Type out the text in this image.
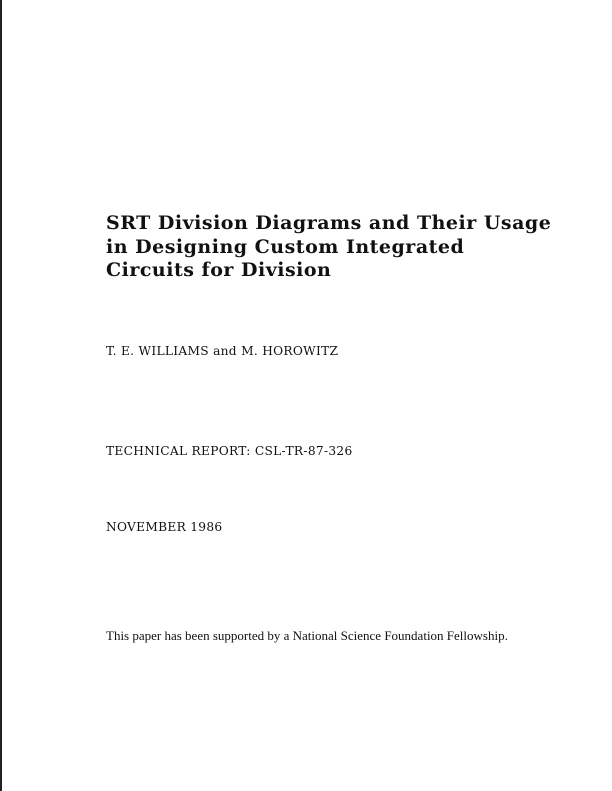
SRT Division Diagrams and Their Usage
in Designing Custom Integrated
Circuits for Division
T. E. WILLIAMS and M. HOROWITZ
TECHNICAL REPORT: CSL-TR-87-326
NOVEMBER 1986
This paper has been supported by a National Science Foundation Fellowship.
